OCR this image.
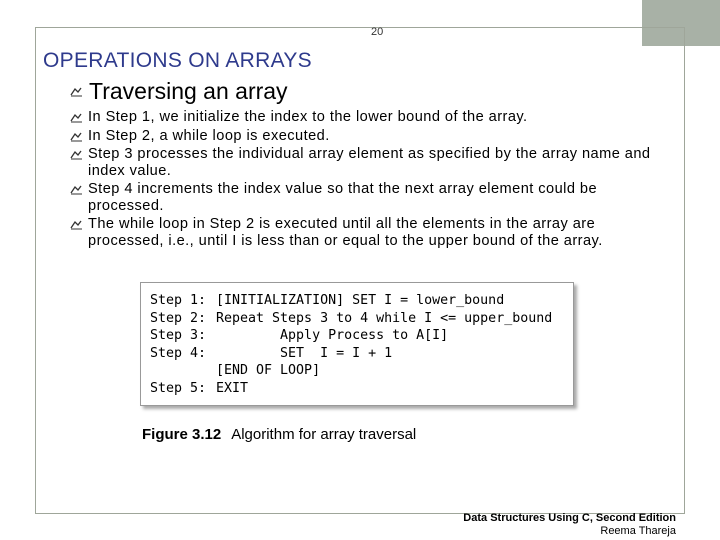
20
OPERATIONS ON ARRAYS
Traversing an array
In Step 1, we initialize the index to the lower bound of the array.
In Step 2, a while loop is executed.
Step 3 processes the individual array element as specified by the array name and index value.
Step 4 increments the index value so that the next array element could be processed.
The while loop in Step 2 is executed until all the elements in the array are processed, i.e., until I is less than or equal to the upper bound of the array.
Step 1: [INITIALIZATION] SET I = lower_bound
Step 2: Repeat Steps 3 to 4 while I <= upper_bound
Step 3: Apply Process to A[I]
Step 4: SET  I = I + 1
[END OF LOOP]
Step 5: EXIT
Figure 3.12 Algorithm for array traversal
Data Structures Using C, Second Edition
Reema Thareja
